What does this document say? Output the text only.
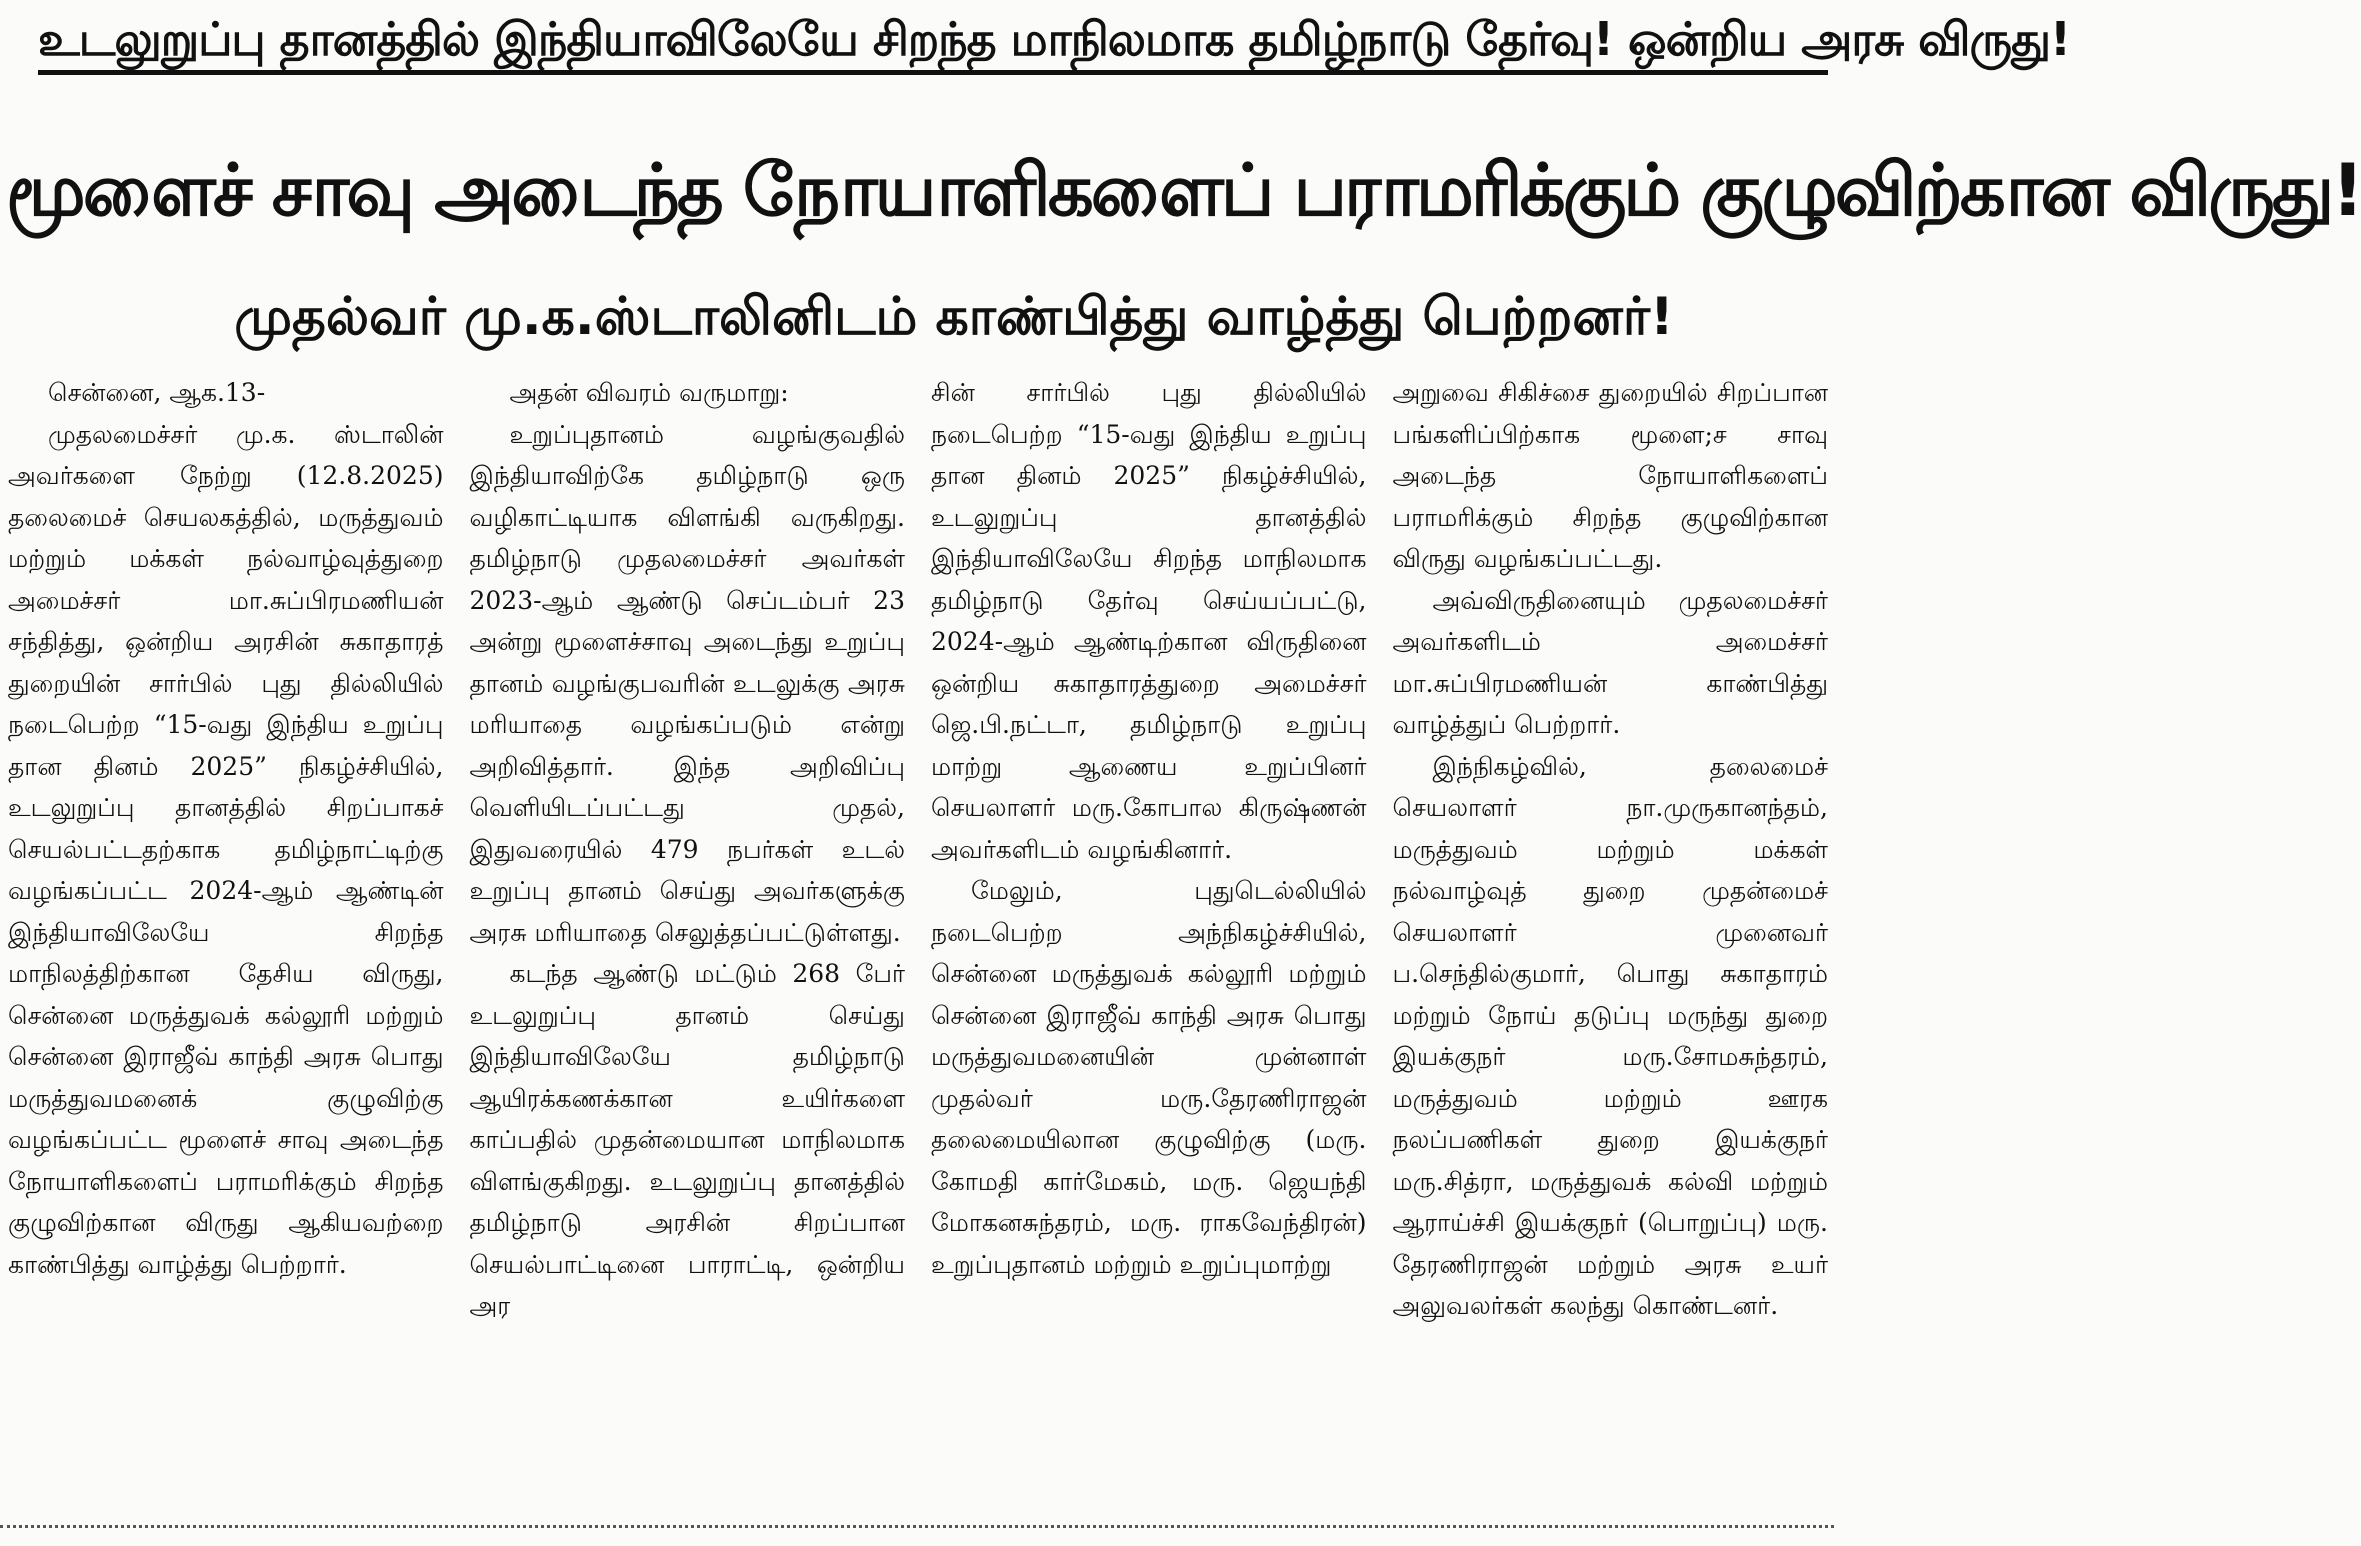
உடலுறுப்பு தானத்தில் இந்தியாவிலேயே சிறந்த மாநிலமாக தமிழ்நாடு தேர்வு! ஒன்றிய அரசு விருது!
மூளைச் சாவு அடைந்த நோயாளிகளைப் பராமரிக்கும் குழுவிற்கான விருது!
முதல்வர் மு.க.ஸ்டாலினிடம் காண்பித்து வாழ்த்து பெற்றனர்!

சென்னை, ஆக.13-

முதலமைச்சர் மு.க. ஸ்டாலின் அவர்களை நேற்று (12.8.2025) தலைமைச் செயலகத்தில், மருத்துவம் மற்றும் மக்கள் நல்வாழ்வுத்துறை அமைச்சர் மா.சுப்பிரமணியன் சந்தித்து, ஒன்றிய அரசின் சுகாதாரத் துறையின் சார்பில் புது தில்லியில் நடைபெற்ற “15-வது இந்திய உறுப்பு தான தினம் 2025” நிகழ்ச்சியில், உடலுறுப்பு தானத்தில் சிறப்பாகச் செயல்பட்டதற்காக தமிழ்நாட்டிற்கு வழங்கப்பட்ட 2024-ஆம் ஆண்டின் இந்தியாவிலேயே சிறந்த மாநிலத்திற்கான தேசிய விருது, சென்னை மருத்துவக் கல்லூரி மற்றும் சென்னை இராஜீவ் காந்தி அரசு பொது மருத்துவமனைக் குழுவிற்கு வழங்கப்பட்ட மூளைச் சாவு அடைந்த நோயாளிகளைப் பராமரிக்கும் சிறந்த குழுவிற்கான விருது ஆகியவற்றை காண்பித்து வாழ்த்து பெற்றார்.

அதன் விவரம் வருமாறு:

உறுப்புதானம் வழங்குவதில் இந்தியாவிற்கே தமிழ்நாடு ஒரு வழிகாட்டியாக விளங்கி வருகிறது. தமிழ்நாடு முதலமைச்சர் அவர்கள் 2023-ஆம் ஆண்டு செப்டம்பர் 23 அன்று மூளைச்சாவு அடைந்து உறுப்பு தானம் வழங்குபவரின் உடலுக்கு அரசு மரியாதை வழங்கப்படும் என்று அறிவித்தார். இந்த அறிவிப்பு வெளியிடப்பட்டது முதல், இதுவரையில் 479 நபர்கள் உடல் உறுப்பு தானம் செய்து அவர்களுக்கு அரசு மரியாதை செலுத்தப்பட்டுள்ளது.

கடந்த ஆண்டு மட்டும் 268 பேர் உடலுறுப்பு தானம் செய்து இந்தியாவிலேயே தமிழ்நாடு ஆயிரக்கணக்கான உயிர்களை காப்பதில் முதன்மையான மாநிலமாக விளங்குகிறது. உடலுறுப்பு தானத்தில் தமிழ்நாடு அரசின் சிறப்பான செயல்பாட்டினை பாராட்டி, ஒன்றிய அர

சின் சார்பில் புது தில்லியில் நடைபெற்ற “15-வது இந்திய உறுப்பு தான தினம் 2025” நிகழ்ச்சியில், உடலுறுப்பு தானத்தில் இந்தியாவிலேயே சிறந்த மாநிலமாக தமிழ்நாடு தேர்வு செய்யப்பட்டு, 2024-ஆம் ஆண்டிற்கான விருதினை ஒன்றிய சுகாதாரத்துறை அமைச்சர் ஜெ.பி.நட்டா, தமிழ்நாடு உறுப்பு மாற்று ஆணைய உறுப்பினர் செயலாளர் மரு.கோபால கிருஷ்ணன் அவர்களிடம் வழங்கினார்.

மேலும், புதுடெல்லியில் நடைபெற்ற அந்நிகழ்ச்சியில், சென்னை மருத்துவக் கல்லூரி மற்றும் சென்னை இராஜீவ் காந்தி அரசு பொது மருத்துவமனையின் முன்னாள் முதல்வர் மரு.தேரணிராஜன் தலைமையிலான குழுவிற்கு (மரு. கோமதி கார்மேகம், மரு. ஜெயந்தி மோகனசுந்தரம், மரு. ராகவேந்திரன்) உறுப்புதானம் மற்றும் உறுப்புமாற்று

அறுவை சிகிச்சை துறையில் சிறப்பான பங்களிப்பிற்காக மூளை;ச சாவு அடைந்த நோயாளிகளைப் பராமரிக்கும் சிறந்த குழுவிற்கான விருது வழங்கப்பட்டது.

அவ்விருதினையும் முதலமைச்சர் அவர்களிடம் அமைச்சர் மா.சுப்பிரமணியன் காண்பித்து வாழ்த்துப் பெற்றார்.

இந்நிகழ்வில், தலைமைச் செயலாளர் நா.முருகானந்தம், மருத்துவம் மற்றும் மக்கள் நல்வாழ்வுத் துறை முதன்மைச் செயலாளர் முனைவர் ப.செந்தில்குமார், பொது சுகாதாரம் மற்றும் நோய் தடுப்பு மருந்து துறை இயக்குநர் மரு.சோமசுந்தரம், மருத்துவம் மற்றும் ஊரக நலப்பணிகள் துறை இயக்குநர் மரு.சித்ரா, மருத்துவக் கல்வி மற்றும் ஆராய்ச்சி இயக்குநர் (பொறுப்பு) மரு. தேரணிராஜன் மற்றும் அரசு உயர் அலுவலர்கள் கலந்து கொண்டனர்.
